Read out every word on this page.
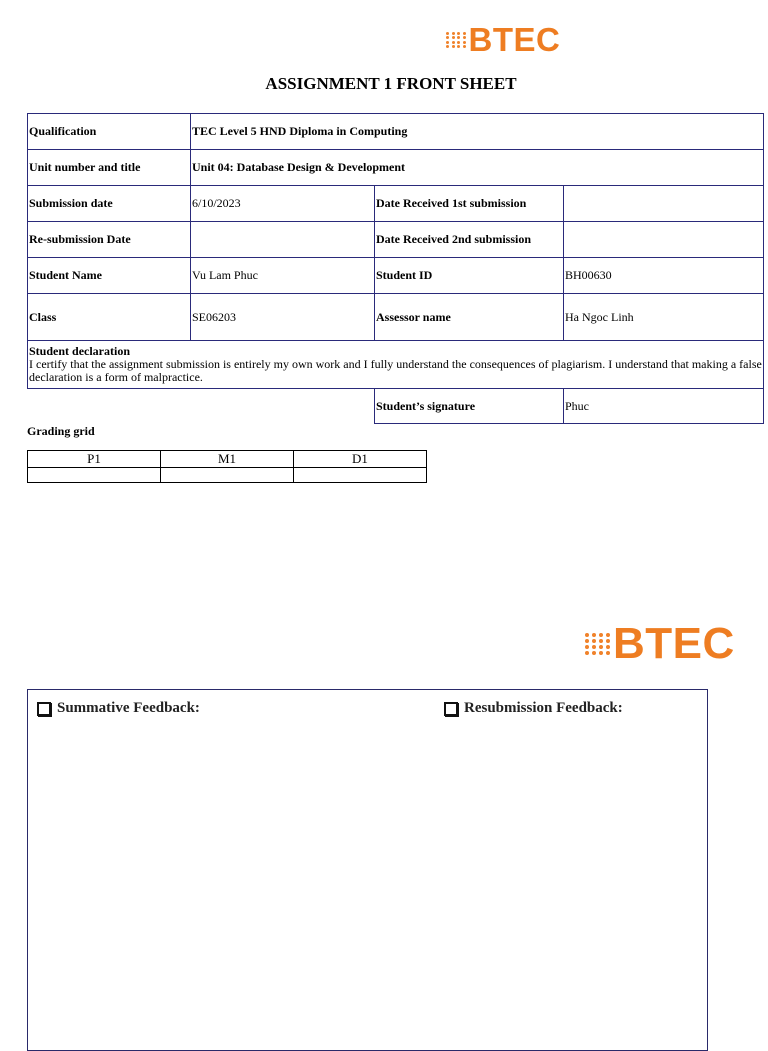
BTEC
ASSIGNMENT 1 FRONT SHEET
Qualification	TEC Level 5 HND Diploma in Computing		
Unit number and title	Unit 04: Database Design & Development		
Submission date	6/10/2023	Date Received 1st submission	
Re-submission Date		Date Received 2nd submission	
Student Name	Vu Lam Phuc	Student ID	BH00630
Class	SE06203	Assessor name	Ha Ngoc Linh

Student declaration
I certify that the assignment submission is entirely my own work and I fully understand the consequences of plagiarism. I understand that making a false declaration is a form of malpractice.			

		Student’s signature	Phuc
Grading grid
P1	M1	D1

BTEC
Summative Feedback:	Resubmission Feedback:
